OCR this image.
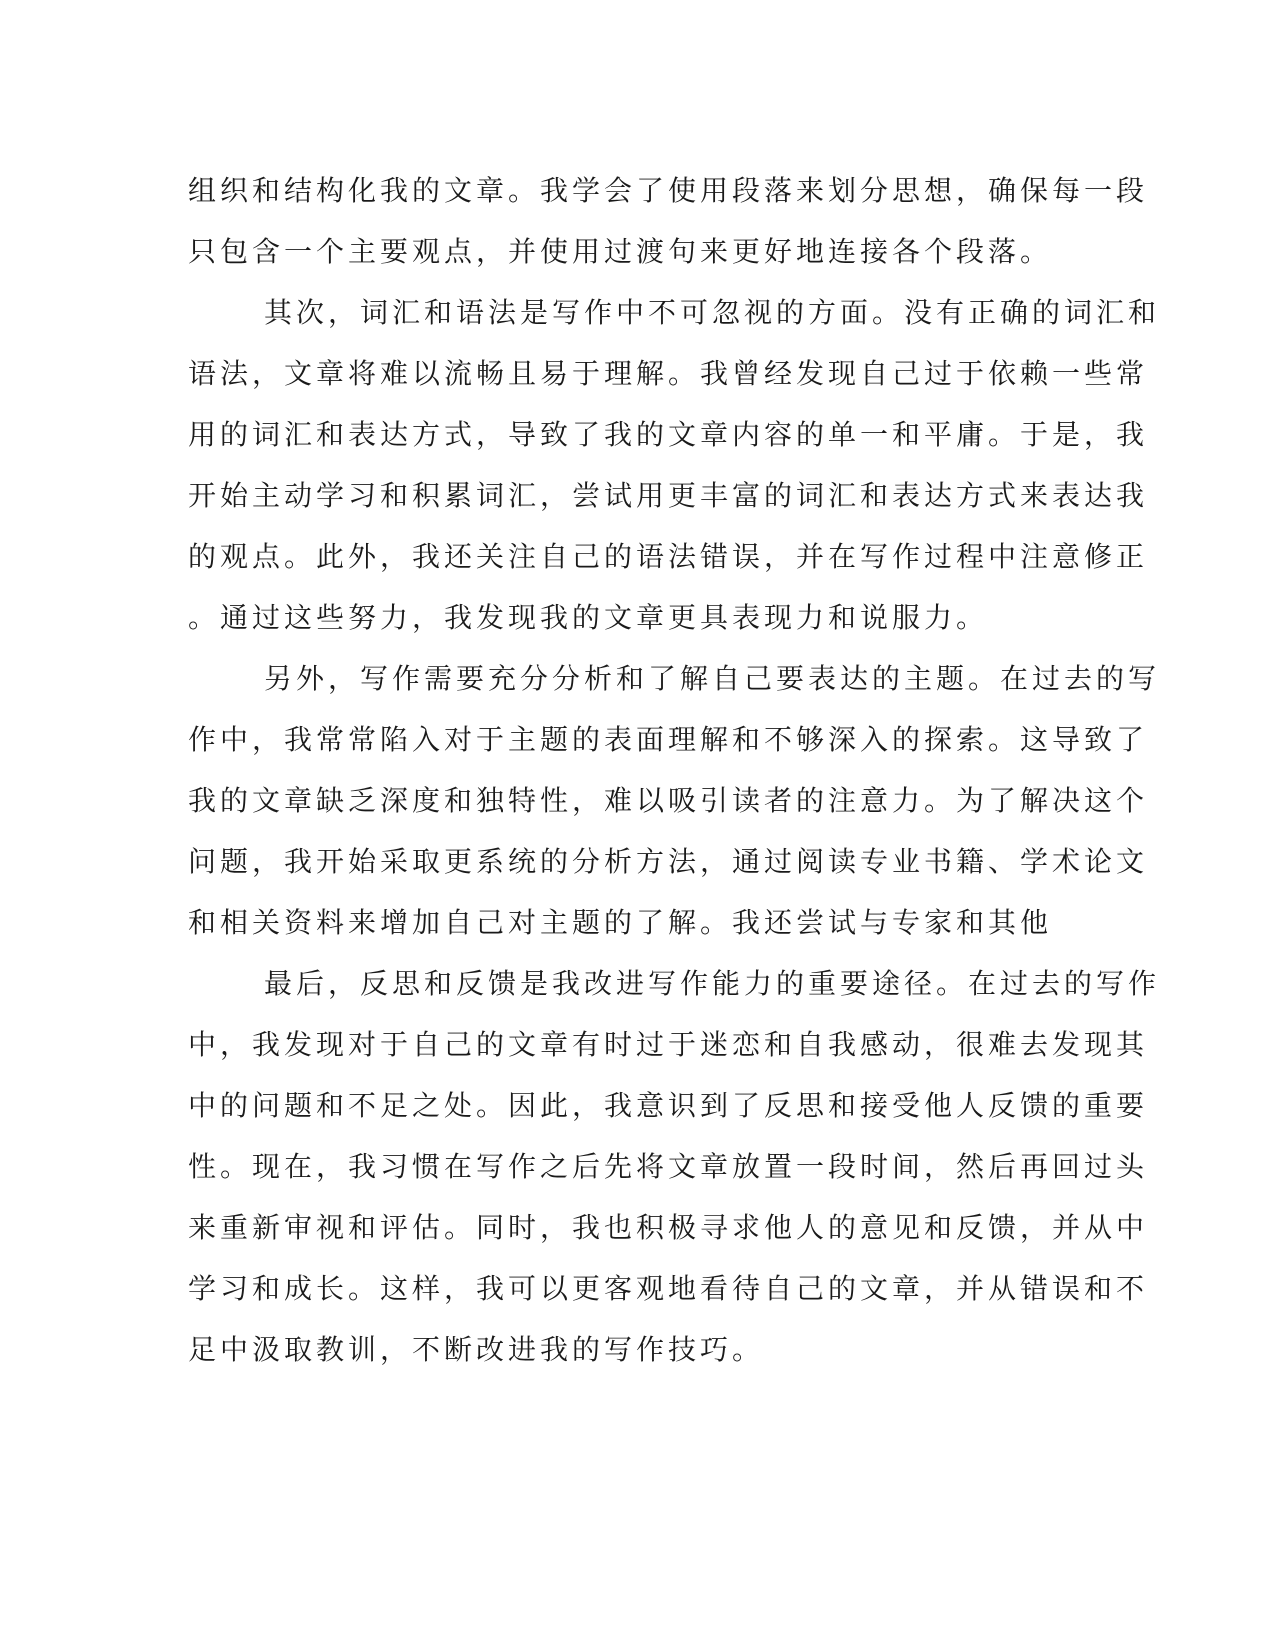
组织和结构化我的文章。我学会了使用段落来划分思想，确保每一段
只包含一个主要观点，并使用过渡句来更好地连接各个段落。
其次，词汇和语法是写作中不可忽视的方面。没有正确的词汇和
语法，文章将难以流畅且易于理解。我曾经发现自己过于依赖一些常
用的词汇和表达方式，导致了我的文章内容的单一和平庸。于是，我
开始主动学习和积累词汇，尝试用更丰富的词汇和表达方式来表达我
的观点。此外，我还关注自己的语法错误，并在写作过程中注意修正
。通过这些努力，我发现我的文章更具表现力和说服力。
另外，写作需要充分分析和了解自己要表达的主题。在过去的写
作中，我常常陷入对于主题的表面理解和不够深入的探索。这导致了
我的文章缺乏深度和独特性，难以吸引读者的注意力。为了解决这个
问题，我开始采取更系统的分析方法，通过阅读专业书籍、学术论文
和相关资料来增加自己对主题的了解。我还尝试与专家和其他
最后，反思和反馈是我改进写作能力的重要途径。在过去的写作
中，我发现对于自己的文章有时过于迷恋和自我感动，很难去发现其
中的问题和不足之处。因此，我意识到了反思和接受他人反馈的重要
性。现在，我习惯在写作之后先将文章放置一段时间，然后再回过头
来重新审视和评估。同时，我也积极寻求他人的意见和反馈，并从中
学习和成长。这样，我可以更客观地看待自己的文章，并从错误和不
足中汲取教训，不断改进我的写作技巧。
